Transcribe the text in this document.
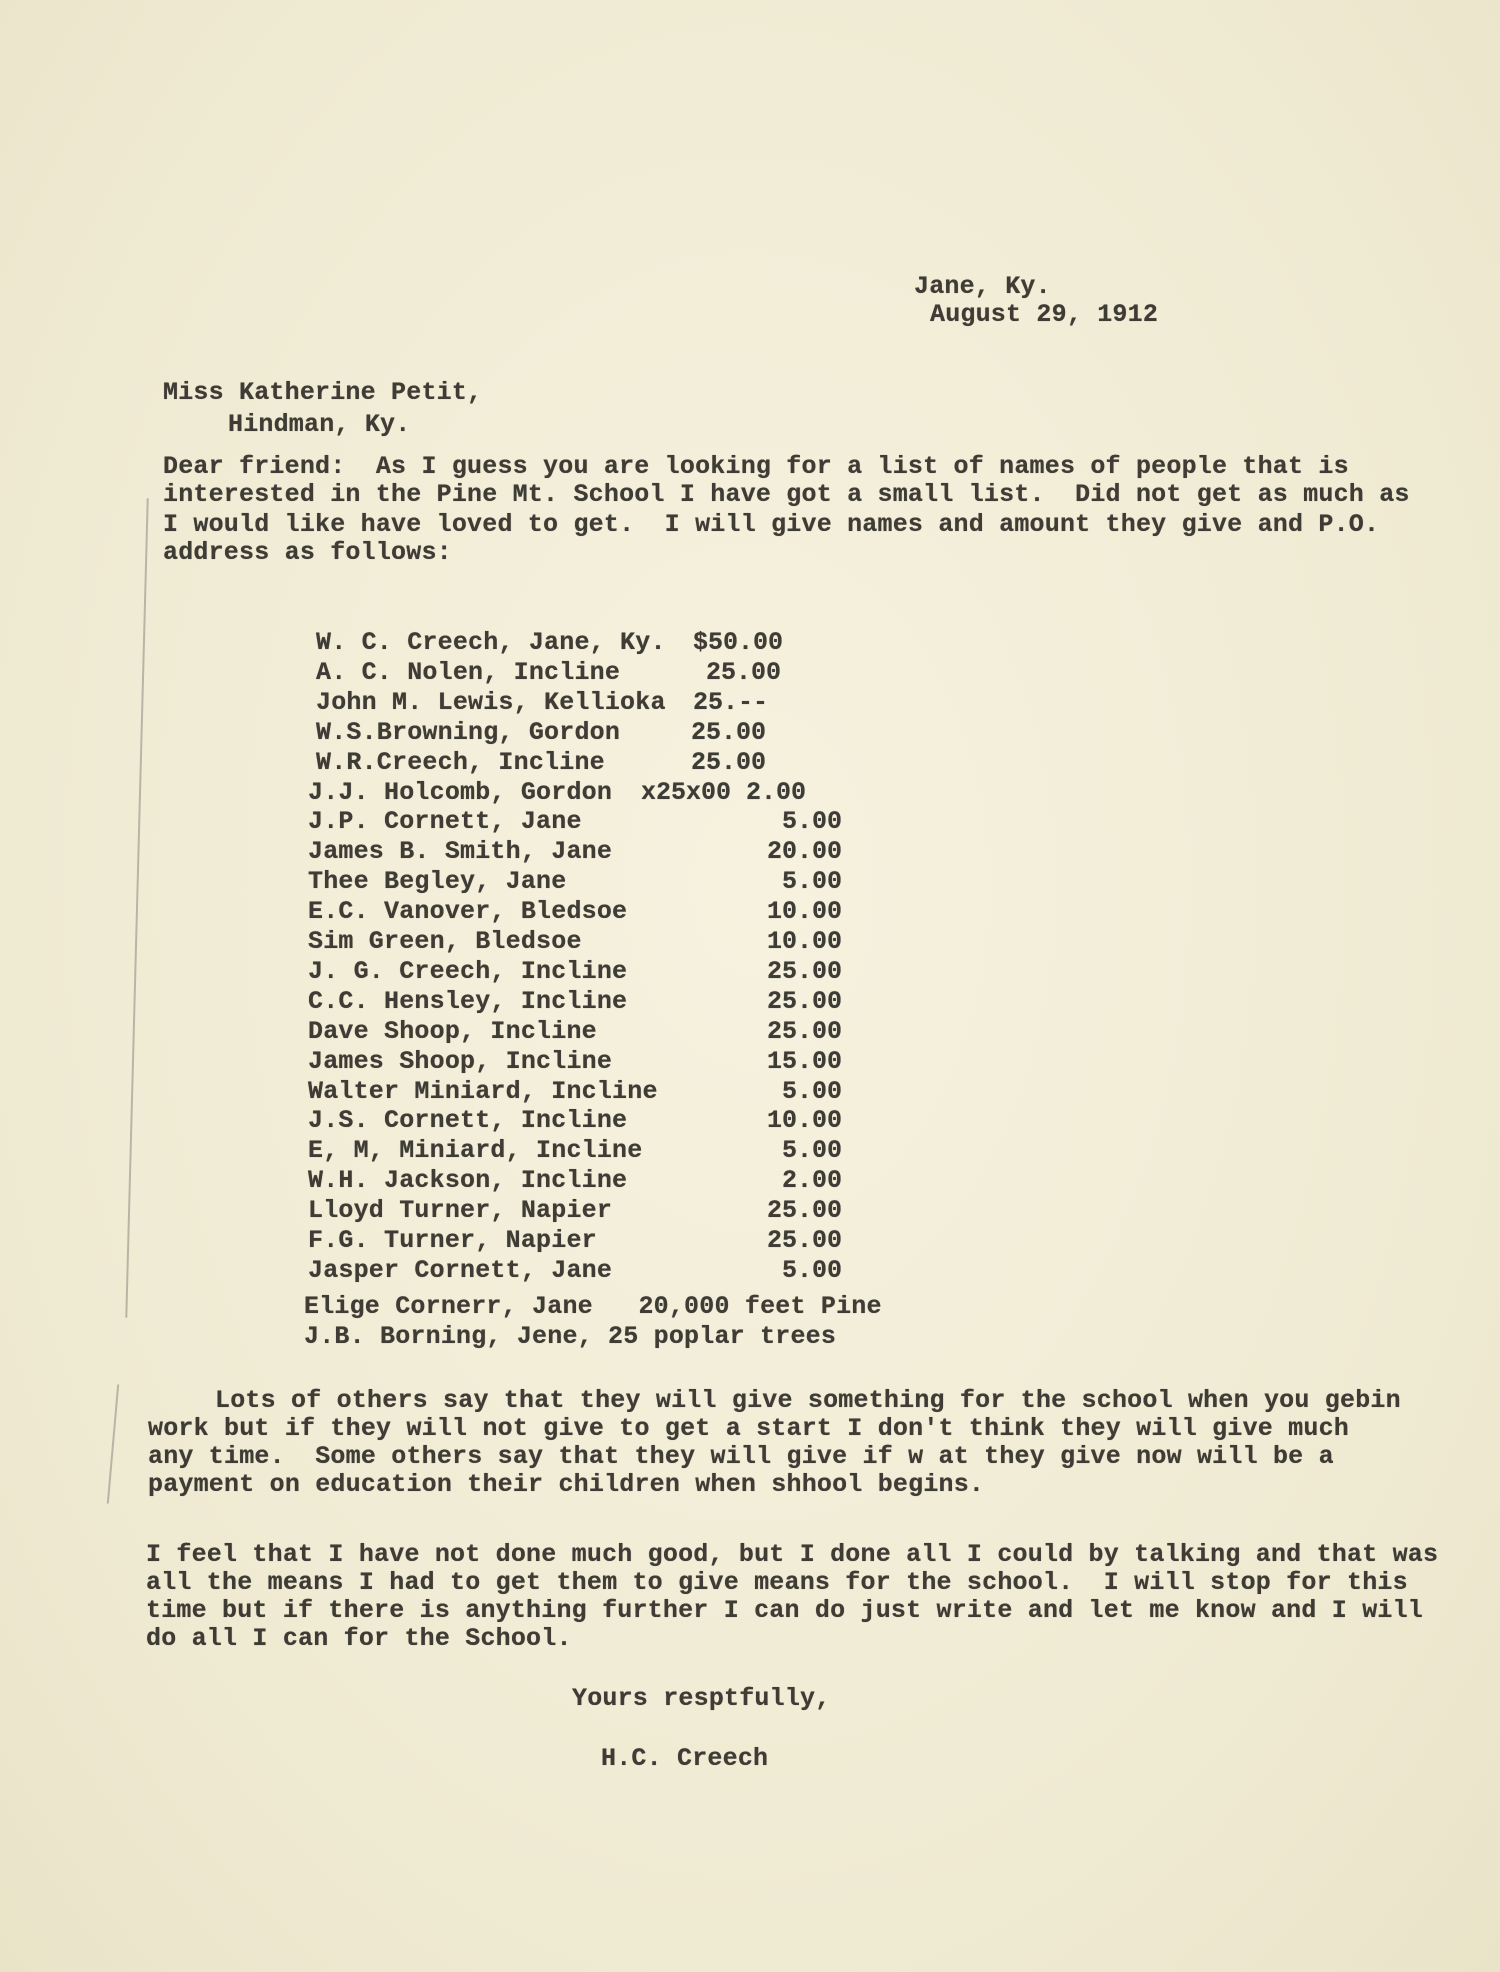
Jane, Ky.
August 29, 1912
Miss Katherine Petit,
Hindman, Ky.
Dear friend:  As I guess you are looking for a list of names of people that is
interested in the Pine Mt. School I have got a small list.  Did not get as much as
I would like have loved to get.  I will give names and amount they give and P.O.
address as follows:
W. C. Creech, Jane, Ky. $50.00
A. C. Nolen, Incline	25.00
John M. Lewis, Kellioka 25.--
W.S.Browning, Gordon	25.00
W.R.Creech, Incline	25.00
J.J. Holcomb, Gordon x25x00 2.00
J.P. Cornett, Jane	5.00
James B. Smith, Jane	20.00
Thee Begley, Jane	5.00
E.C. Vanover, Bledsoe	10.00
Sim Green, Bledsoe	10.00
J. G. Creech, Incline	25.00
C.C. Hensley, Incline	25.00
Dave Shoop, Incline	25.00
James Shoop, Incline	15.00
Walter Miniard, Incline	5.00
J.S. Cornett, Incline	10.00
E, M, Miniard, Incline	5.00
W.H. Jackson, Incline	2.00
Lloyd Turner, Napier	25.00
F.G. Turner, Napier	25.00
Jasper Cornett, Jane	5.00
Elige Cornerr, Jane   20,000 feet Pine
J.B. Borning, Jene, 25 poplar trees
Lots of others say that they will give something for the school when you gebin
work but if they will not give to get a start I don't think they will give much
any time.  Some others say that they will give if w at they give now will be a
payment on education their children when shhool begins.
I feel that I have not done much good, but I done all I could by talking and that was
all the means I had to get them to give means for the school.  I will stop for this
time but if there is anything further I can do just write and let me know and I will
do all I can for the School.
Yours resptfully,
H.C. Creech
